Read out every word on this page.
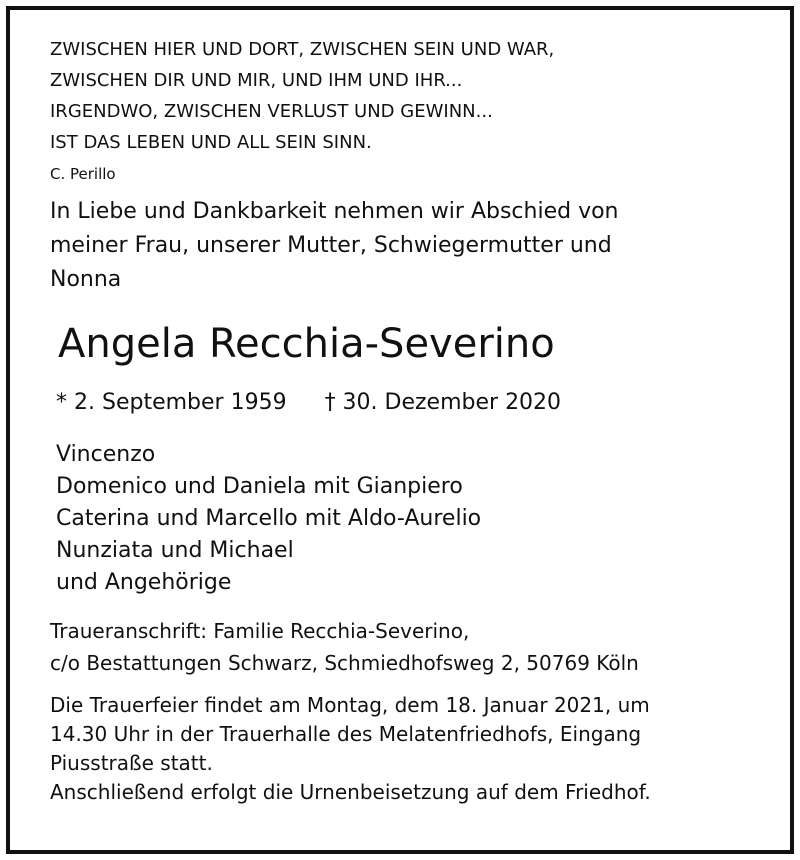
ZWISCHEN HIER UND DORT, ZWISCHEN SEIN UND WAR,
ZWISCHEN DIR UND MIR, UND IHM UND IHR...
IRGENDWO, ZWISCHEN VERLUST UND GEWINN...
IST DAS LEBEN UND ALL SEIN SINN.
C. Perillo
In Liebe und Dankbarkeit nehmen wir Abschied von
meiner Frau, unserer Mutter, Schwiegermutter und
Nonna
Angela Recchia-Severino
* 2. September 1959 † 30. Dezember 2020
Vincenzo
Domenico und Daniela mit Gianpiero
Caterina und Marcello mit Aldo-Aurelio
Nunziata und Michael
und Angehörige
Traueranschrift: Familie Recchia-Severino,
c/o Bestattungen Schwarz, Schmiedhofsweg 2, 50769 Köln
Die Trauerfeier findet am Montag, dem 18. Januar 2021, um
14.30 Uhr in der Trauerhalle des Melatenfriedhofs, Eingang
Piusstraße statt.
Anschließend erfolgt die Urnenbeisetzung auf dem Friedhof.
